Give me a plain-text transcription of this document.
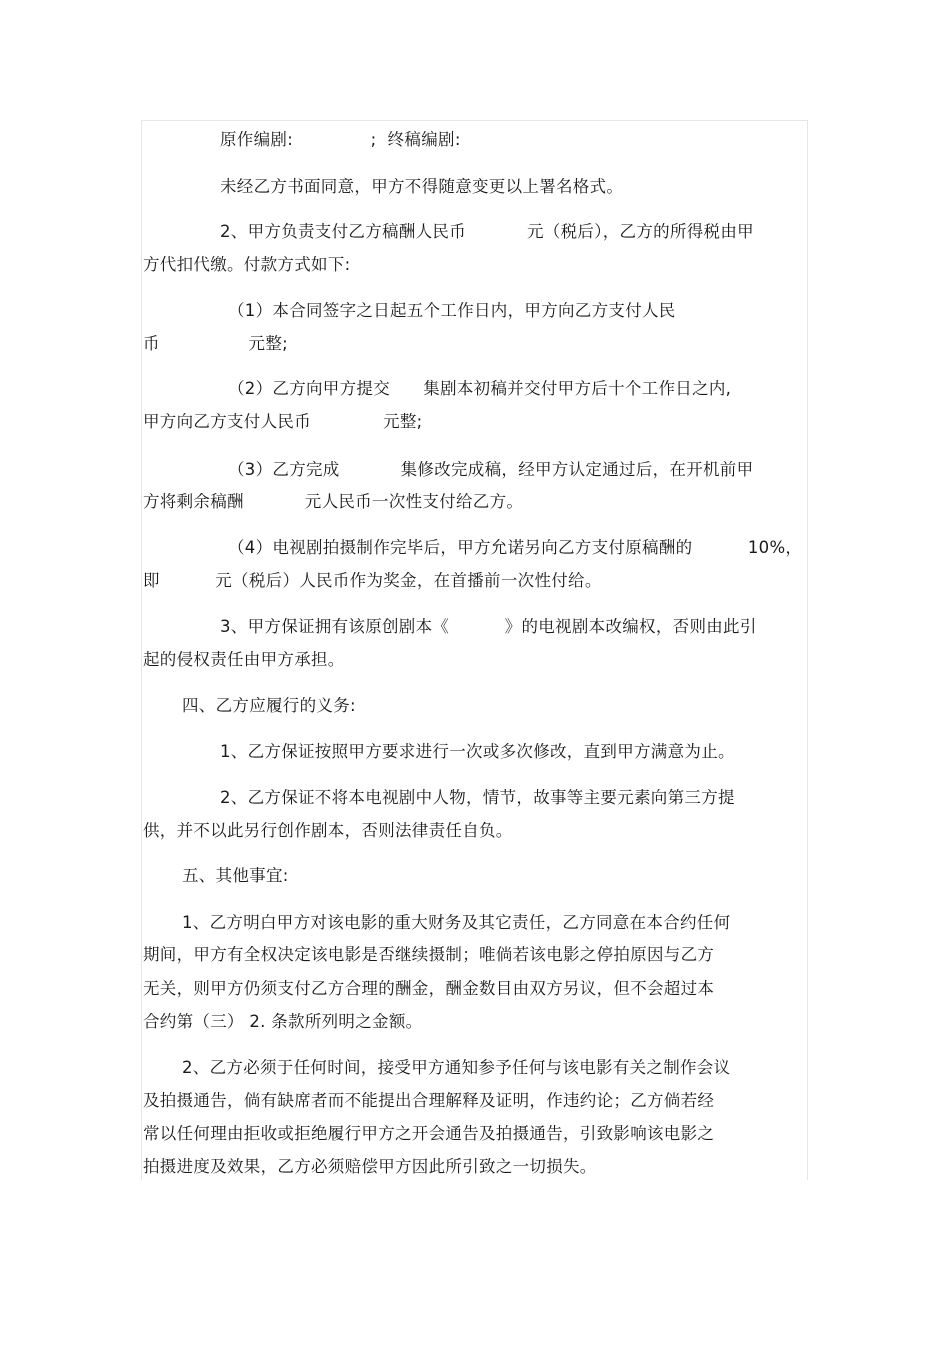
原作编剧:              ;  终稿编剧:
未经乙方书面同意，甲方不得随意变更以上署名格式。
2、甲方负责支付乙方稿酬人民币           元（税后），乙方的所得税由甲
方代扣代缴。付款方式如下:
（1）本合同签字之日起五个工作日内，甲方向乙方支付人民
币                元整;
（2）乙方向甲方提交      集剧本初稿并交付甲方后十个工作日之内,
甲方向乙方支付人民币             元整;
（3）乙方完成           集修改完成稿，经甲方认定通过后，在开机前甲
方将剩余稿酬           元人民币一次性支付给乙方。
（4）电视剧拍摄制作完毕后，甲方允诺另向乙方支付原稿酬的          10%，
即          元（税后）人民币作为奖金，在首播前一次性付给。
3、甲方保证拥有该原创剧本《          》的电视剧本改编权，否则由此引
起的侵权责任由甲方承担。
四、乙方应履行的义务:
1、乙方保证按照甲方要求进行一次或多次修改，直到甲方满意为止。
2、乙方保证不将本电视剧中人物，情节，故事等主要元素向第三方提
供，并不以此另行创作剧本，否则法律责任自负。
五、其他事宜:
1、乙方明白甲方对该电影的重大财务及其它责任，乙方同意在本合约任何
期间，甲方有全权决定该电影是否继续摄制；唯倘若该电影之停拍原因与乙方
无关，则甲方仍须支付乙方合理的酬金，酬金数目由双方另议，但不会超过本
合约第（三） 2. 条款所列明之金额。
2、乙方必须于任何时间，接受甲方通知参予任何与该电影有关之制作会议
及拍摄通告，倘有缺席者而不能提出合理解释及证明，作违约论；乙方倘若经
常以任何理由拒收或拒绝履行甲方之开会通告及拍摄通告，引致影响该电影之
拍摄进度及效果，乙方必须赔偿甲方因此所引致之一切损失。
